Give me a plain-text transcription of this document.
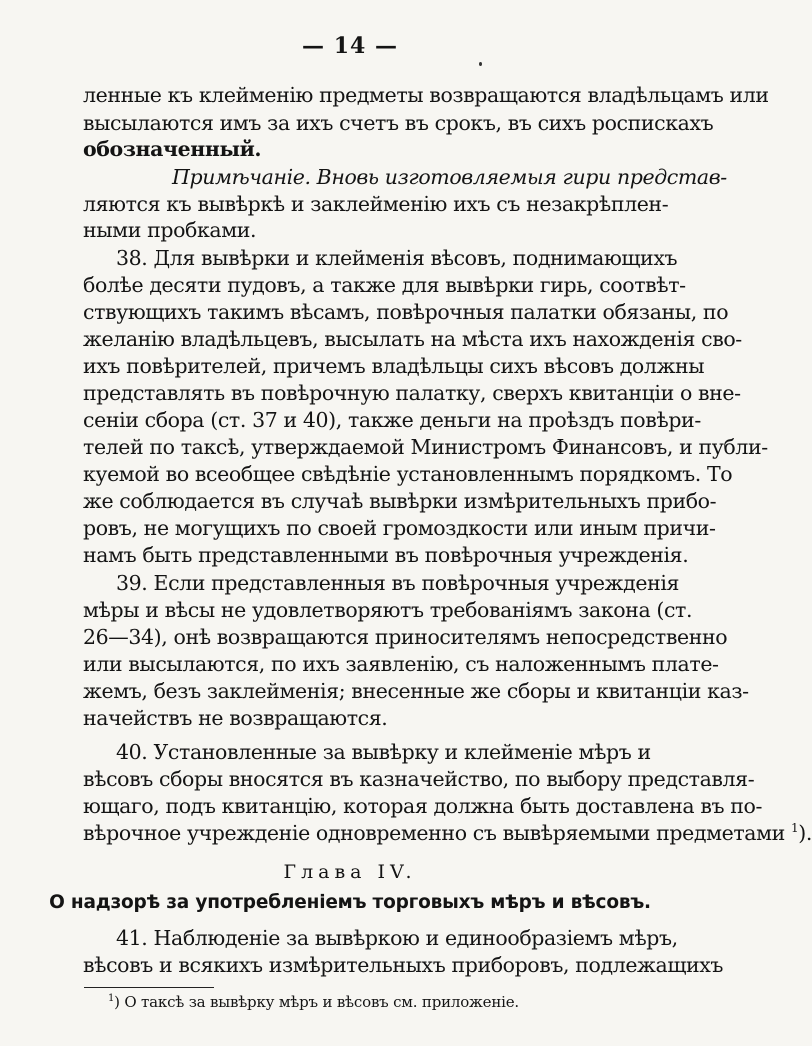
— 14 —
ленные къ клейменію предметы возвращаются владѣльцамъ или
высылаются имъ за ихъ счетъ въ срокъ, въ сихъ роспискахъ
обозначенный.
Примѣчаніе. Вновь изготовляемыя гири представ-
ляются къ вывѣркѣ и заклейменію ихъ съ незакрѣплен-
ными пробками.
38. Для вывѣрки и клейменія вѣсовъ, поднимающихъ
болѣе десяти пудовъ, а также для вывѣрки гирь, соотвѣт-
ствующихъ такимъ вѣсамъ, повѣрочныя палатки обязаны, по
желанію владѣльцевъ, высылать на мѣста ихъ нахожденія сво-
ихъ повѣрителей, причемъ владѣльцы сихъ вѣсовъ должны
представлять въ повѣрочную палатку, сверхъ квитанціи о вне-
сеніи сбора (ст. 37 и 40), также деньги на проѣздъ повѣри-
телей по таксѣ, утверждаемой Министромъ Финансовъ, и публи-
куемой во всеобщее свѣдѣніе установленнымъ порядкомъ. То
же соблюдается въ случаѣ вывѣрки измѣрительныхъ прибо-
ровъ, не могущихъ по своей громоздкости или иным причи-
намъ быть представленными въ повѣрочныя учрежденія.
39. Если представленныя въ повѣрочныя учрежденія
мѣры и вѣсы не удовлетворяютъ требованіямъ закона (ст.
26—34), онѣ возвращаются приносителямъ непосредственно
или высылаются, по ихъ заявленію, съ наложеннымъ плате-
жемъ, безъ заклейменія; внесенные же сборы и квитанціи каз-
начействъ не возвращаются.
40. Установленные за вывѣрку и клейменіе мѣръ и
вѣсовъ сборы вносятся въ казначейство, по выбору представля-
ющаго, подъ квитанцію, которая должна быть доставлена въ по-
вѣрочное учрежденіе одновременно съ вывѣряемыми предметами $^1$).
Глава IV.
О надзорѣ за употребленіемъ торговыхъ мѣръ и вѣсовъ.
41. Наблюденіе за вывѣркою и единообразіемъ мѣръ,
вѣсовъ и всякихъ измѣрительныхъ приборовъ, подлежащихъ
$^1$) О таксѣ за вывѣрку мѣръ и вѣсовъ см. приложеніе.
